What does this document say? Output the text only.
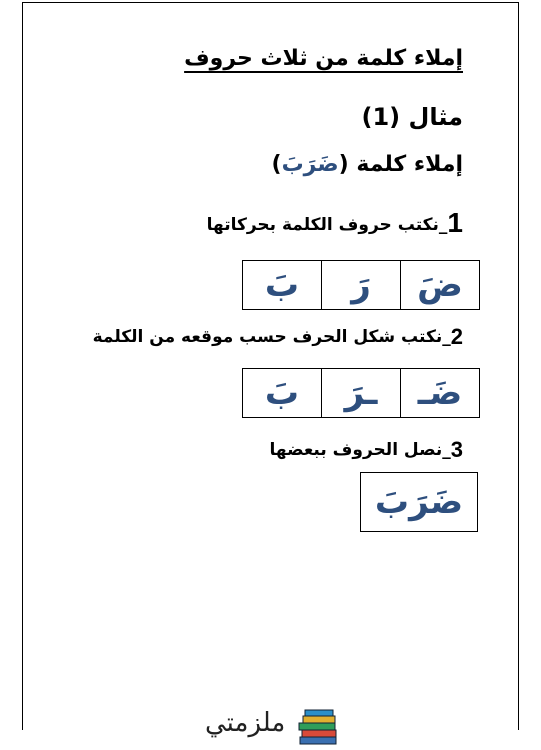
إملاء كلمة من ثلاث حروف
مثال (1)
إملاء كلمة (ضَرَبَ)
1_نكتب حروف الكلمة بحركاتها
ضَ	رَ	بَ
2_نكتب شكل الحرف حسب موقعه من الكلمة
ضَـ	ـرَ	بَ
3_نصل الحروف ببعضها
ضَرَبَ
ملزمتي
